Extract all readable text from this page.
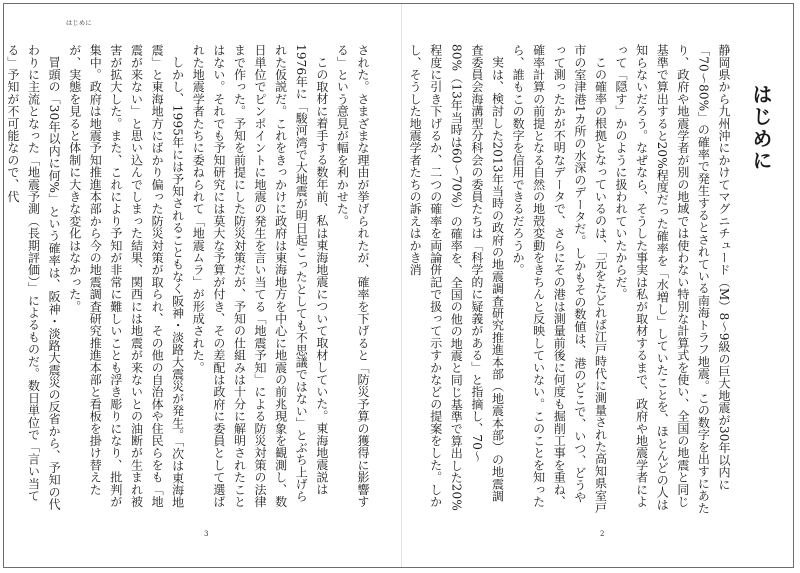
はじめに

された。さまざまな理由が挙げられたが、確率を下げると「防災予算の獲得に影響する」という意見が幅を利かせた。

この取材に着手する数年前、私は東海地震について取材していた。東海地震説は1976年に「駿河湾で大地震が明日起こったとしても不思議ではない」とぶち上げられた仮説だ。これをきっかけに政府は東海地方を中心に地震の前兆現象を観測し、数日単位でピンポイントに地震の発生を言い当てる「地震予知」による防災対策の法律まで作った。予知を前提にした防災対策だが、予知の仕組みは十分に解明されたことはない。それでも予知研究には莫大な予算が付き、その差配は政府に委員として選ばれた地震学者たちに委ねられて「地震ムラ」が形成された。

しかし、1995年には予知されることもなく阪神・淡路大震災が発生。「次は東海地震」と東海地方にばかり偏った防災対策が取られ、その他の自治体や住民らをも「地震が来ない」と思い込んでしまった結果、関西には地震が来ないとの油断が生まれ被害が拡大した。また、これにより予知が非常に難しいことも浮き彫りになり、批判が集中。政府は地震予知推進本部から今の地震調査研究推進本部と看板を掛け替えたが、実態を見ると体制に大きな変化はなかった。

冒頭の「30年以内に何%」という確率は、阪神・淡路大震災の反省から、予知の代わりに主流となった「地震予測（長期評価）」によるものだ。数日単位で「言い当てる」予知が不可能なので、代

3
はじめに

静岡県から九州沖にかけてマグニチュード（M）8〜9級の巨大地震が30年以内に「70〜80%」の確率で発生するとされている南海トラフ地震。この数字を出すにあたり、政府や地震学者が別の地域では使わない特別な計算式を使い、全国の地震と同じ基準で算出すると20%程度だった確率を「水増し」していたことを、ほとんどの人は知らないだろう。なぜなら、そうした事実は私が取材するまで、政府や地震学者によって「隠す」かのように扱われていたからだ。

この確率の根拠となっているのは、「元をたどれば江戸時代に測量された高知県室戸市の室津港1カ所の水深のデータだ。しかもその数値は、港のどこで、いつ、どうやって測ったかが不明なデータで、さらにその港は測量前後に何度も掘削工事を重ね、確率計算の前提となる自然の地殻変動をきちんと反映していない。このことを知ったら、誰もこの数字を信用できるだろうか。

実は、検討した2013年当時の政府の地震調査研究推進本部（地震本部）の地震調査委員会海溝型分科会の委員たちは「科学的に疑義がある」と指摘し、70〜80%（13年当時は60〜70%）の確率を、全国の他の地震と同じ基準で算出した20%程度に引き下げるか、二つの確率を両論併記で扱って示すかなどの提案をした。しかし、そうした地震学者たちの訴えはかき消

2
